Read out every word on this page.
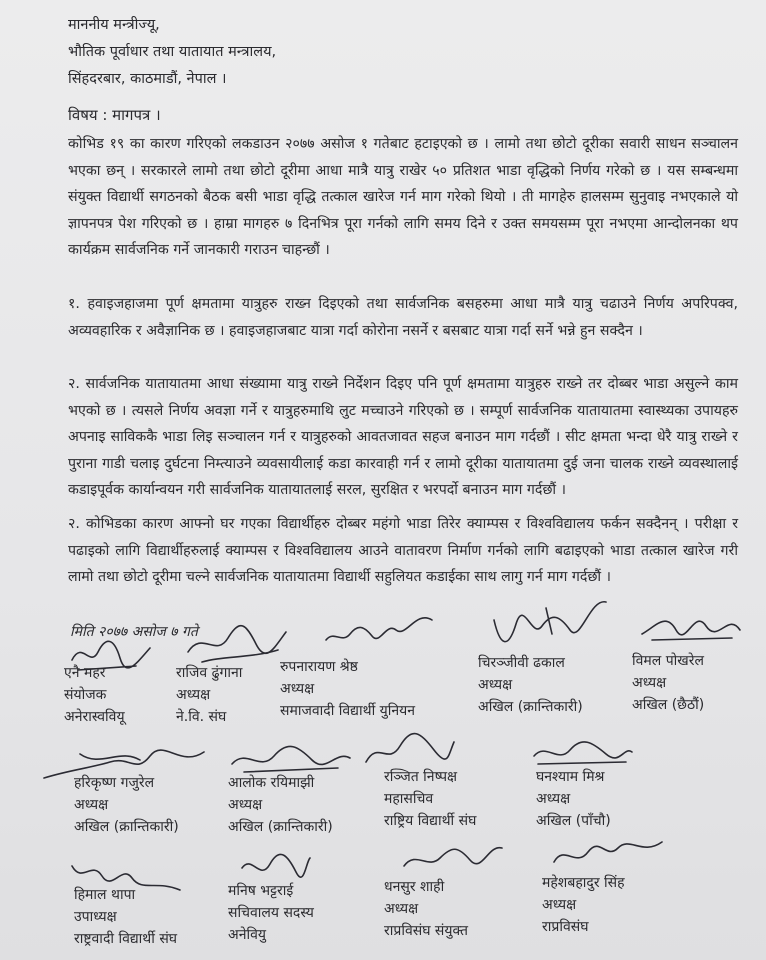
माननीय मन्त्रीज्यू,
भौतिक पूर्वाधार तथा यातायात मन्त्रालय,
सिंहदरबार, काठमाडौं, नेपाल ।
विषय : मागपत्र ।
कोभिड १९ का कारण गरिएको लकडाउन २०७७ असोज १ गतेबाट हटाइएको छ । लामो तथा छोटो दूरीका सवारी साधन सञ्चालन भएका छन् । सरकारले लामो तथा छोटो दूरीमा आधा मात्रै यात्रु राखेर ५० प्रतिशत भाडा वृद्धिको निर्णय गरेको छ । यस सम्बन्धमा संयुक्त विद्यार्थी सगठनको बैठक बसी भाडा वृद्धि तत्काल खारेज गर्न माग गरेको थियो । ती मागहेरु हालसम्म सुनुवाइ नभएकाले यो ज्ञापनपत्र पेश गरिएको छ । हाम्रा मागहरु ७ दिनभित्र पूरा गर्नको लागि समय दिने र उक्त समयसम्म पूरा नभएमा आन्दोलनका थप कार्यक्रम सार्वजनिक गर्ने जानकारी गराउन चाहन्छौं ।
१. हवाइजहाजमा पूर्ण क्षमतामा यात्रुहरु राख्न दिइएको तथा सार्वजनिक बसहरुमा आधा मात्रै यात्रु चढाउने निर्णय अपरिपक्व, अव्यवहारिक र अवैज्ञानिक छ । हवाइजहाजबाट यात्रा गर्दा कोरोना नसर्ने र बसबाट यात्रा गर्दा सर्ने भन्ने हुन सक्दैन ।
२. सार्वजनिक यातायातमा आधा संख्यामा यात्रु राख्ने निर्देशन दिइए पनि पूर्ण क्षमतामा यात्रुहरु राख्ने तर दोब्बर भाडा असुल्ने काम भएको छ । त्यसले निर्णय अवज्ञा गर्ने र यात्रुहरुमाथि लुट मच्चाउने गरिएको छ । सम्पूर्ण सार्वजनिक यातायातमा स्वास्थ्यका उपायहरु अपनाइ साविककै भाडा लिइ सञ्चालन गर्न र यात्रुहरुको आवतजावत सहज बनाउन माग गर्दछौं । सीट क्षमता भन्दा धेरै यात्रु राख्ने र पुराना गाडी चलाइ दुर्घटना निम्त्याउने व्यवसायीलाई कडा कारवाही गर्न र लामो दूरीका यातायातमा दुई जना चालक राख्ने व्यवस्थालाई कडाइपूर्वक कार्यान्वयन गरी सार्वजनिक यातायातलाई सरल, सुरक्षित र भरपर्दो बनाउन माग गर्दछौं ।
२. कोभिडका कारण आफ्नो घर गएका विद्यार्थीहरु दोब्बर महंगो भाडा तिरेर क्याम्पस र विश्वविद्यालय फर्कन सक्दैनन् । परीक्षा र पढाइको लागि विद्यार्थीहरुलाई क्याम्पस र विश्वविद्यालय आउने वातावरण निर्माण गर्नको लागि बढाइएको भाडा तत्काल खारेज गरी लामो तथा छोटो दूरीमा चल्ने सार्वजनिक यातायातमा विद्यार्थी सहुलियत कडाईका साथ लागु गर्न माग गर्दछौं ।
मिति २०७७ असोज ७ गते
एनै महर
संयोजक
अनेरास्ववियू
राजिव ढुंगाना
अध्यक्ष
ने.वि. संघ
रुपनारायण श्रेष्ठ
अध्यक्ष
समाजवादी विद्यार्थी युनियन
चिरञ्जीवी ढकाल
अध्यक्ष
अखिल (क्रान्तिकारी)
विमल पोखरेल
अध्यक्ष
अखिल (छैठौं)
हरिकृष्ण गजुरेल
अध्यक्ष
अखिल (क्रान्तिकारी)
आलोक रयिमाझी
अध्यक्ष
अखिल (क्रान्तिकारी)
रञ्जित निष्पक्ष
महासचिव
राष्ट्रिय विद्यार्थी संघ
घनश्याम मिश्र
अध्यक्ष
अखिल (पाँचौ)
हिमाल थापा
उपाध्यक्ष
राष्ट्रवादी विद्यार्थी संघ
मनिष भट्टराई
सचिवालय सदस्य
अनेवियु
धनसुर शाही
अध्यक्ष
राप्रविसंघ संयुक्त
महेशबहादुर सिंह
अध्यक्ष
राप्रविसंघ
